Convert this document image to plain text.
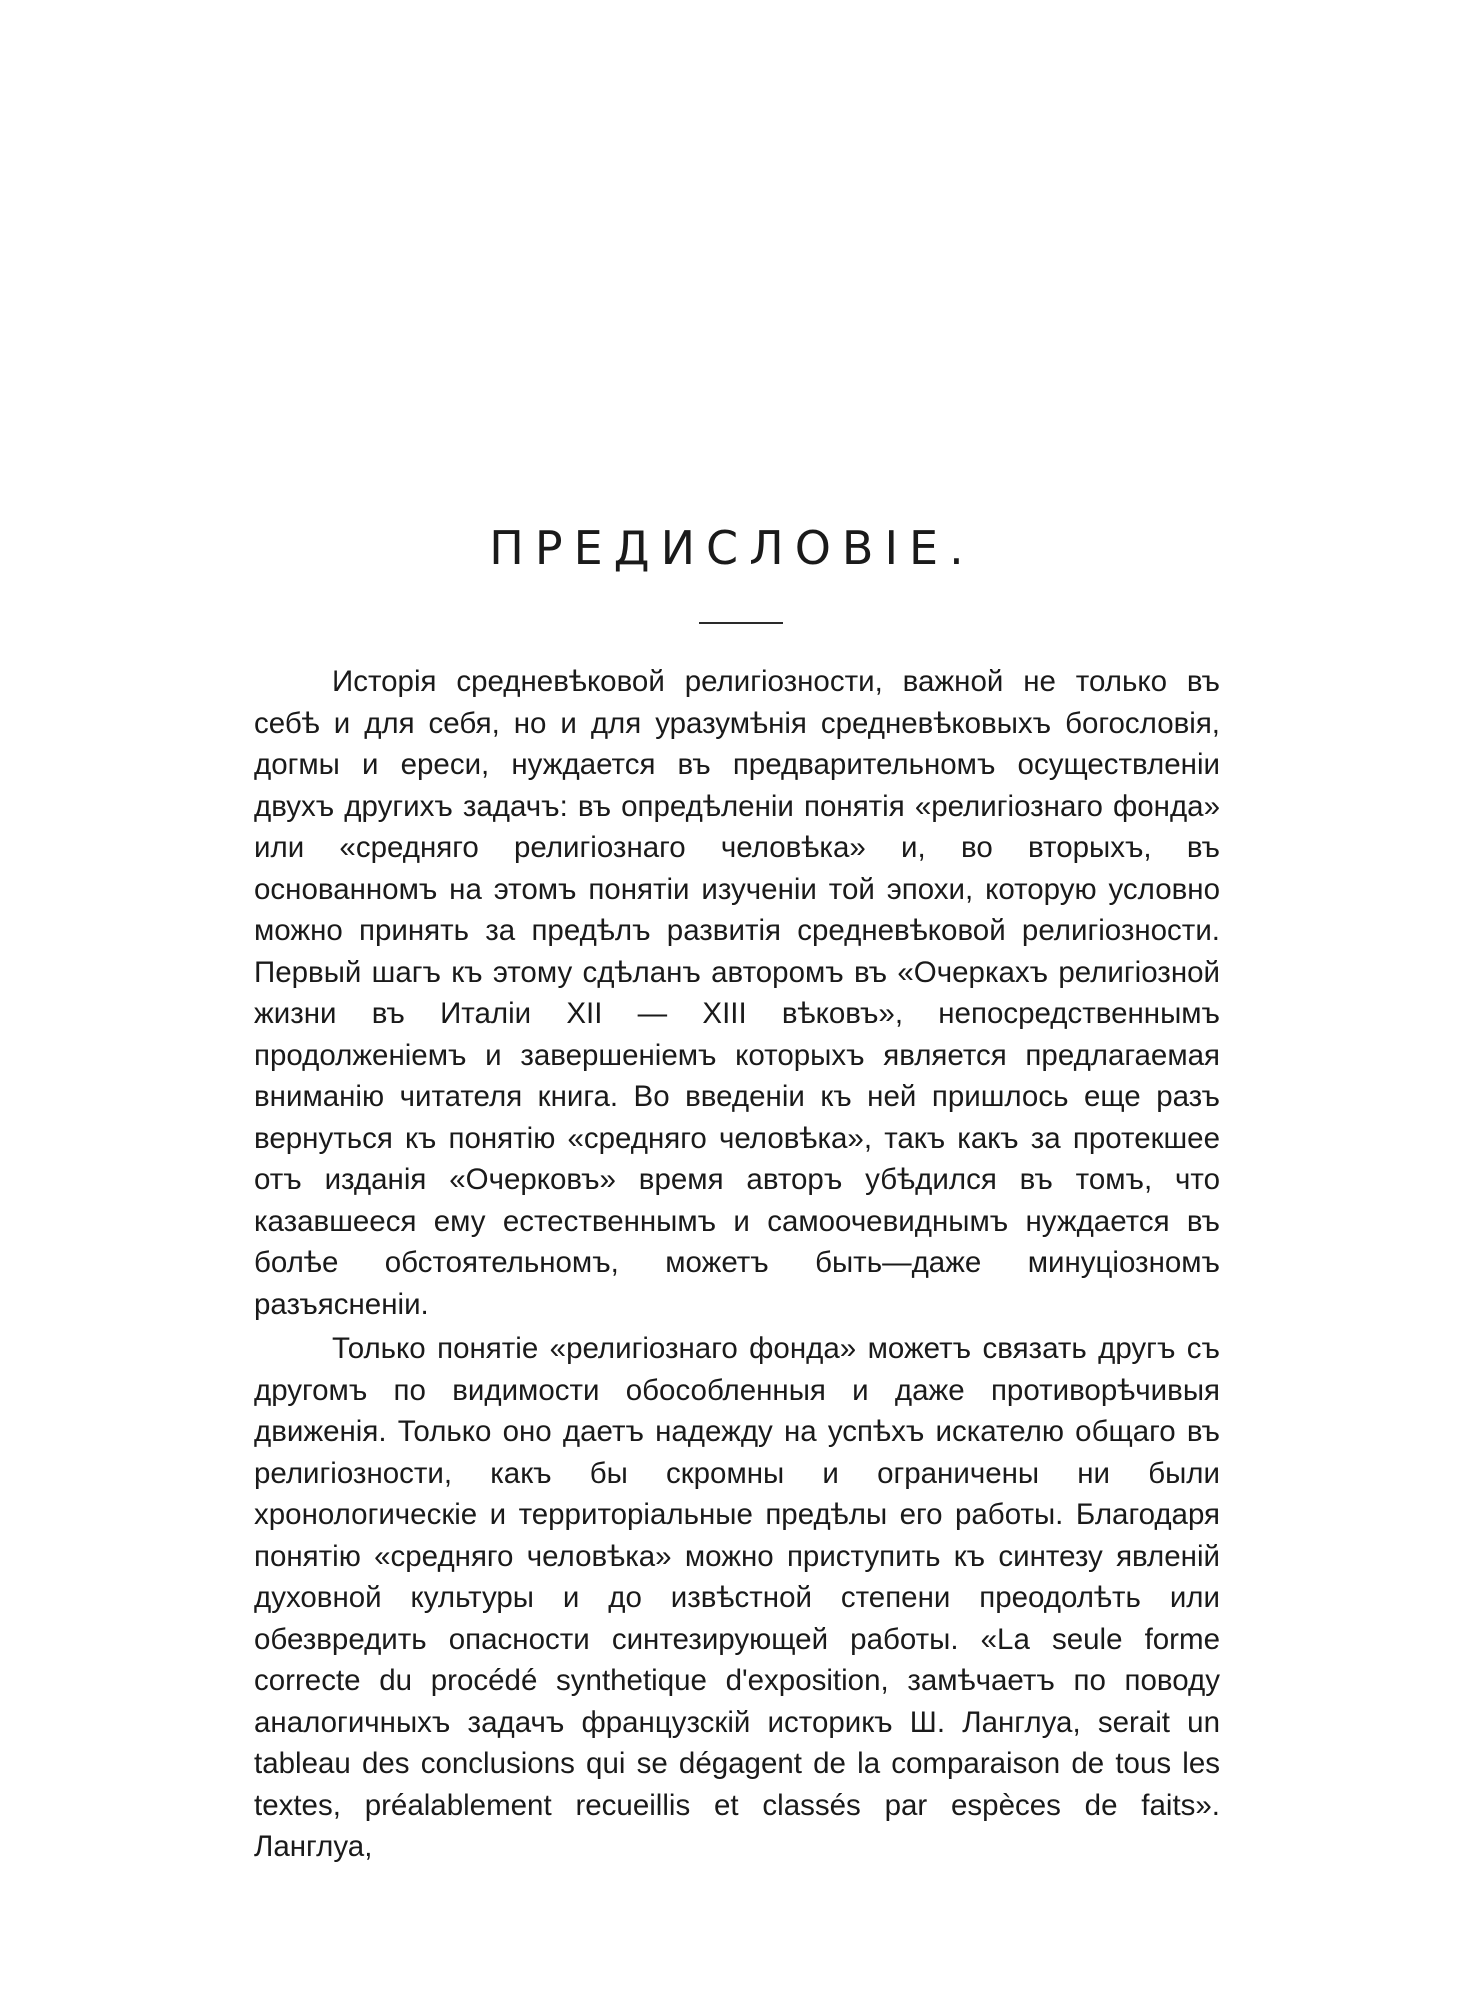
ПРЕДИСЛОВІЕ.

Исторія средневѣковой религіозности, важной не только въ себѣ и для себя, но и для уразумѣнія средневѣковыхъ богословія, догмы и ереси, нуждается въ предварительномъ осуществленіи двухъ другихъ задачъ: въ опредѣленіи понятія «религіознаго фонда» или «средняго религіознаго человѣка» и, во вторыхъ, въ основанномъ на этомъ понятіи изученіи той эпохи, которую условно можно принять за предѣлъ развитія средневѣковой религіозности. Первый шагъ къ этому сдѣланъ авторомъ въ «Очеркахъ религіозной жизни въ Италіи XII — XIII вѣковъ», непосредственнымъ продолженіемъ и завершеніемъ которыхъ является предлагаемая вниманію читателя книга. Во введеніи къ ней пришлось еще разъ вернуться къ понятію «средняго человѣка», такъ какъ за протекшее отъ изданія «Очерковъ» время авторъ убѣдился въ томъ, что казавшееся ему естественнымъ и самоочевиднымъ нуждается въ болѣе обстоятельномъ, можетъ быть—даже минуціозномъ разъясненіи.

Только понятіе «религіознаго фонда» можетъ связать другъ съ другомъ по видимости обособленныя и даже противорѣчивыя движенія. Только оно даетъ надежду на успѣхъ искателю общаго въ религіозности, какъ бы скромны и ограничены ни были хронологическіе и территоріальные предѣлы его работы. Благодаря понятію «средняго человѣка» можно приступить къ синтезу явленій духовной культуры и до извѣстной степени преодолѣть или обезвредить опасности синтезирующей работы. «La seule forme correcte du procédé synthetique d'exposition, замѣчаетъ по поводу аналогичныхъ задачъ французскій историкъ Ш. Ланглуа, serait un tableau des conclusions qui se dégagent de la comparaison de tous les textes, préalablement recueillis et classés par espèces de faits». Ланглуа,
